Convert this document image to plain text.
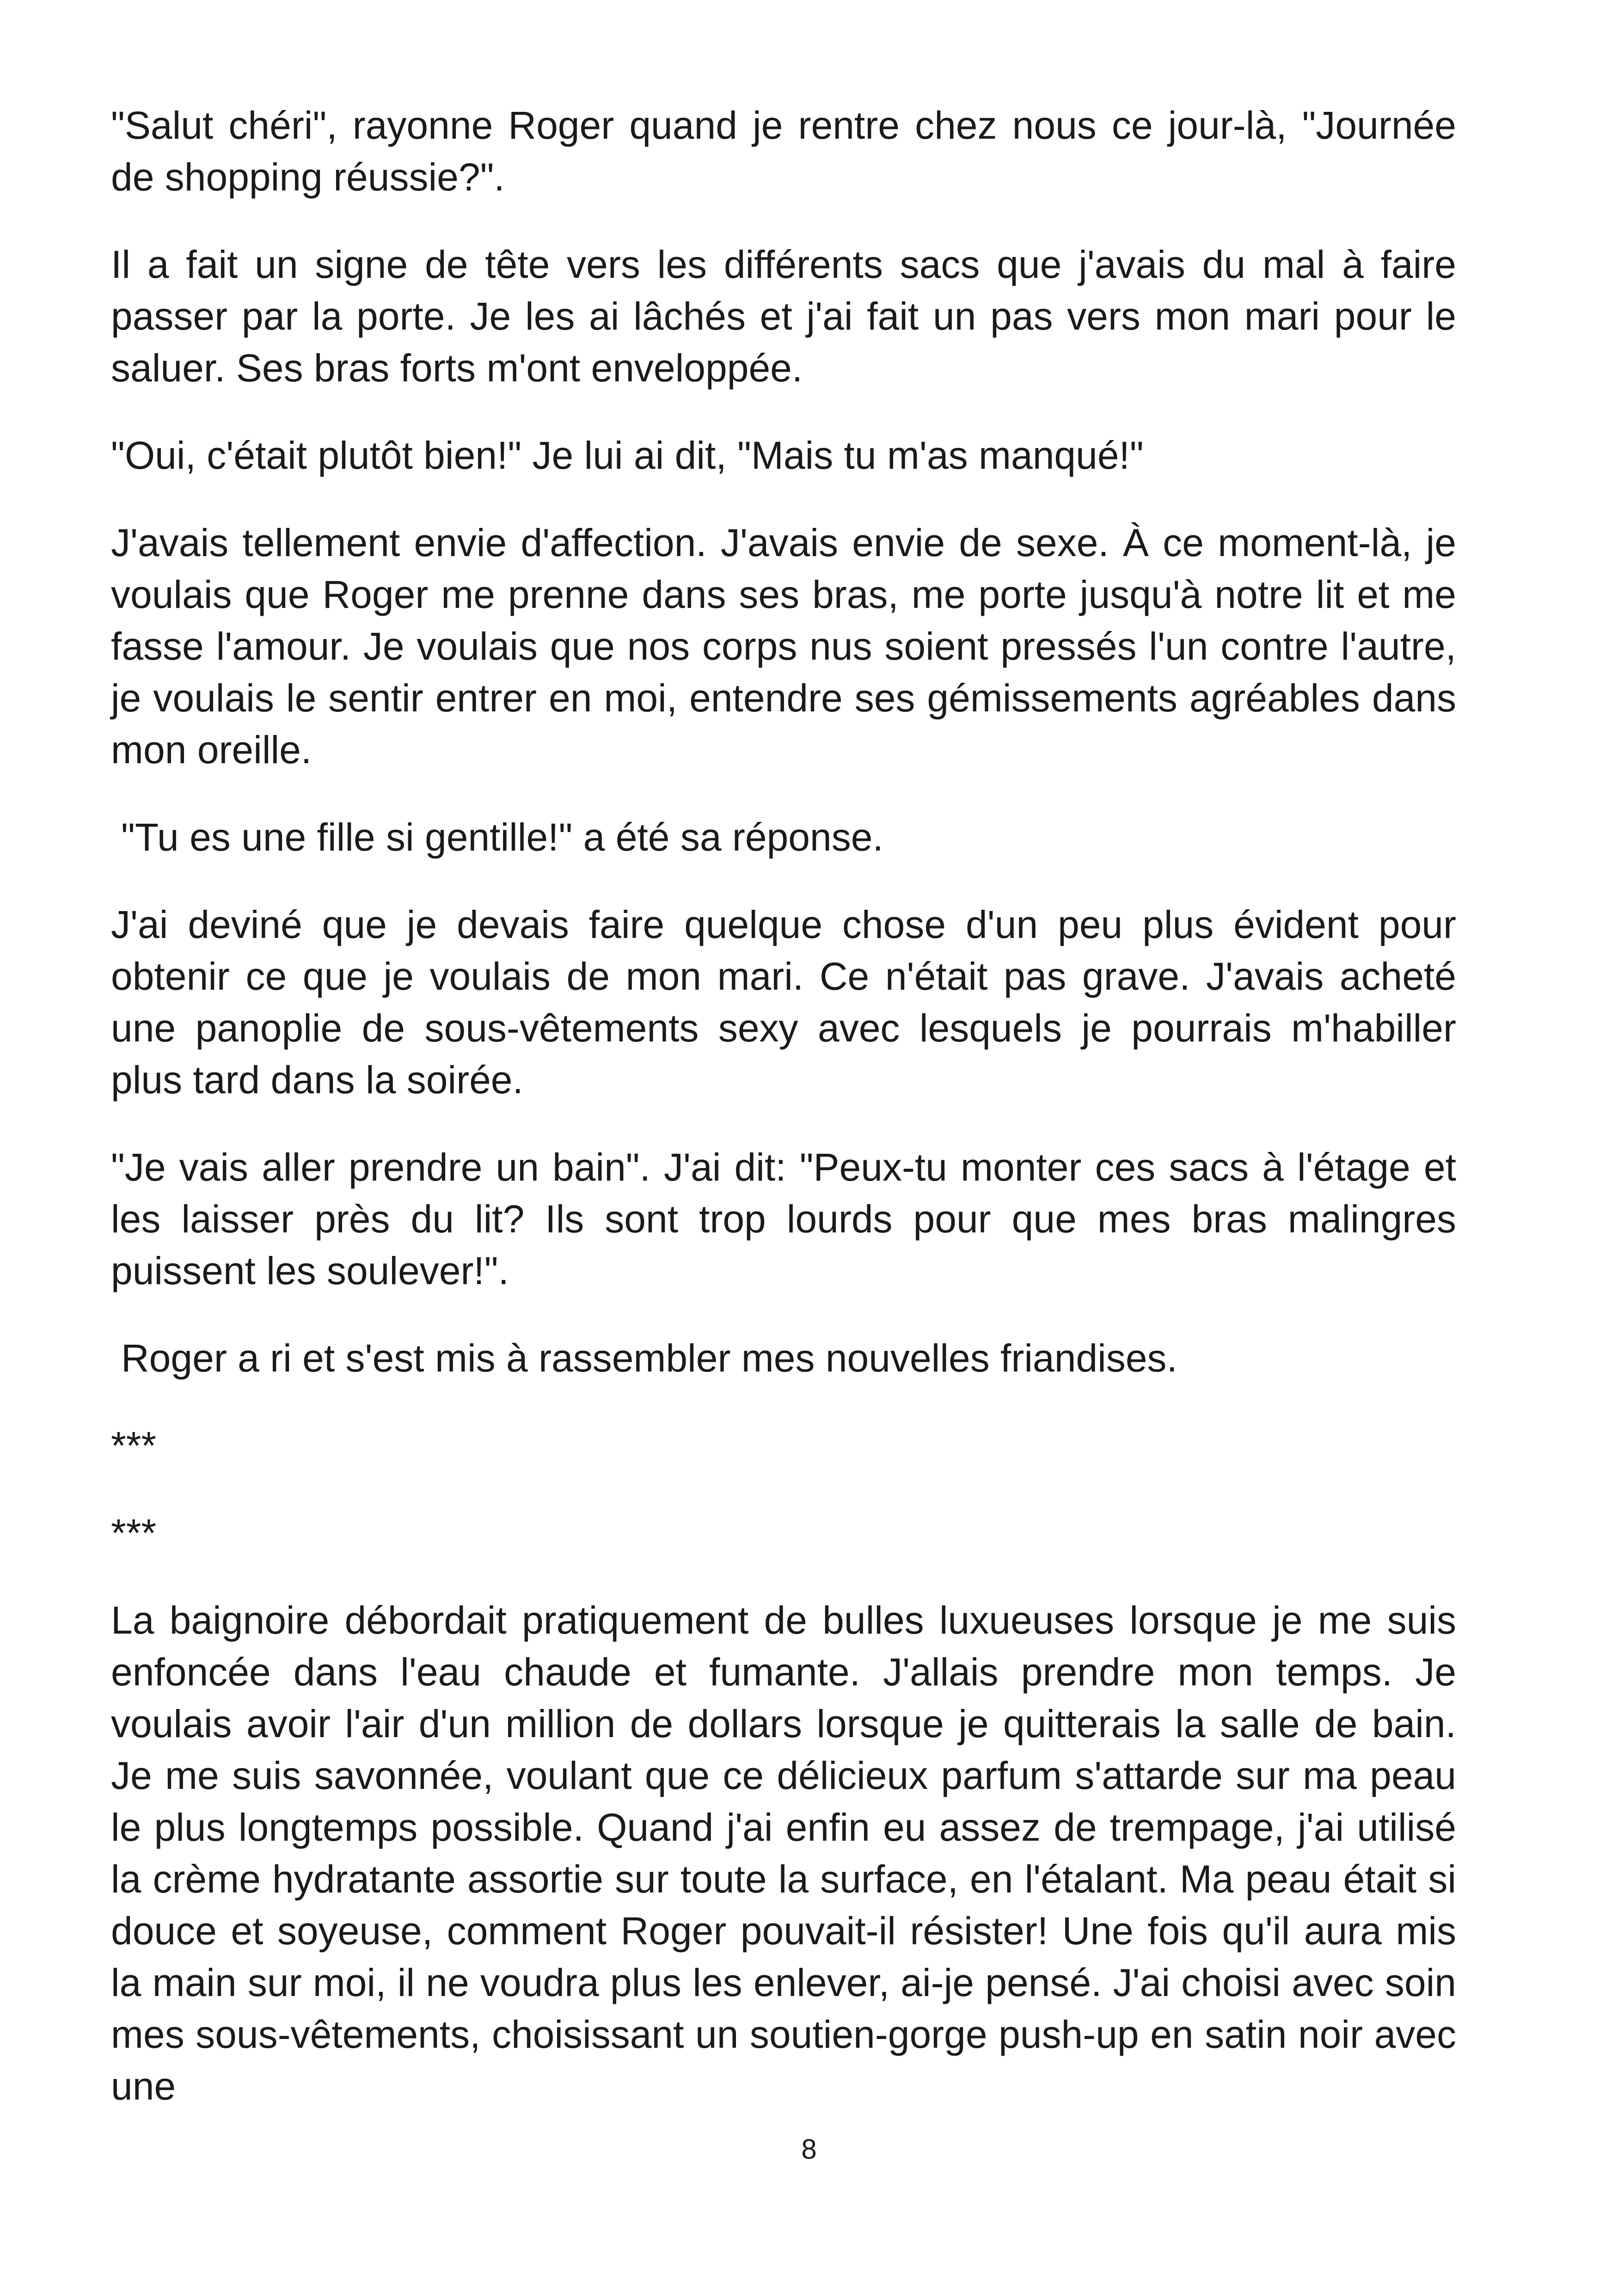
"Salut chéri", rayonne Roger quand je rentre chez nous ce jour-là, "Journée de shopping réussie?".

Il a fait un signe de tête vers les différents sacs que j'avais du mal à faire passer par la porte. Je les ai lâchés et j'ai fait un pas vers mon mari pour le saluer. Ses bras forts m'ont enveloppée.

"Oui, c'était plutôt bien!" Je lui ai dit, "Mais tu m'as manqué!"

J'avais tellement envie d'affection. J'avais envie de sexe. À ce moment-là, je voulais que Roger me prenne dans ses bras, me porte jusqu'à notre lit et me fasse l'amour. Je voulais que nos corps nus soient pressés l'un contre l'autre, je voulais le sentir entrer en moi, entendre ses gémissements agréables dans mon oreille.

"Tu es une fille si gentille!" a été sa réponse.

J'ai deviné que je devais faire quelque chose d'un peu plus évident pour obtenir ce que je voulais de mon mari. Ce n'était pas grave. J'avais acheté une panoplie de sous-vêtements sexy avec lesquels je pourrais m'habiller plus tard dans la soirée.

"Je vais aller prendre un bain". J'ai dit: "Peux-tu monter ces sacs à l'étage et les laisser près du lit? Ils sont trop lourds pour que mes bras malingres puissent les soulever!".

Roger a ri et s'est mis à rassembler mes nouvelles friandises.

***

***

La baignoire débordait pratiquement de bulles luxueuses lorsque je me suis enfoncée dans l'eau chaude et fumante. J'allais prendre mon temps. Je voulais avoir l'air d'un million de dollars lorsque je quitterais la salle de bain. Je me suis savonnée, voulant que ce délicieux parfum s'attarde sur ma peau le plus longtemps possible. Quand j'ai enfin eu assez de trempage, j'ai utilisé la crème hydratante assortie sur toute la surface, en l'étalant. Ma peau était si douce et soyeuse, comment Roger pouvait-il résister! Une fois qu'il aura mis la main sur moi, il ne voudra plus les enlever, ai-je pensé. J'ai choisi avec soin mes sous-vêtements, choisissant un soutien-gorge push-up en satin noir avec une

8
